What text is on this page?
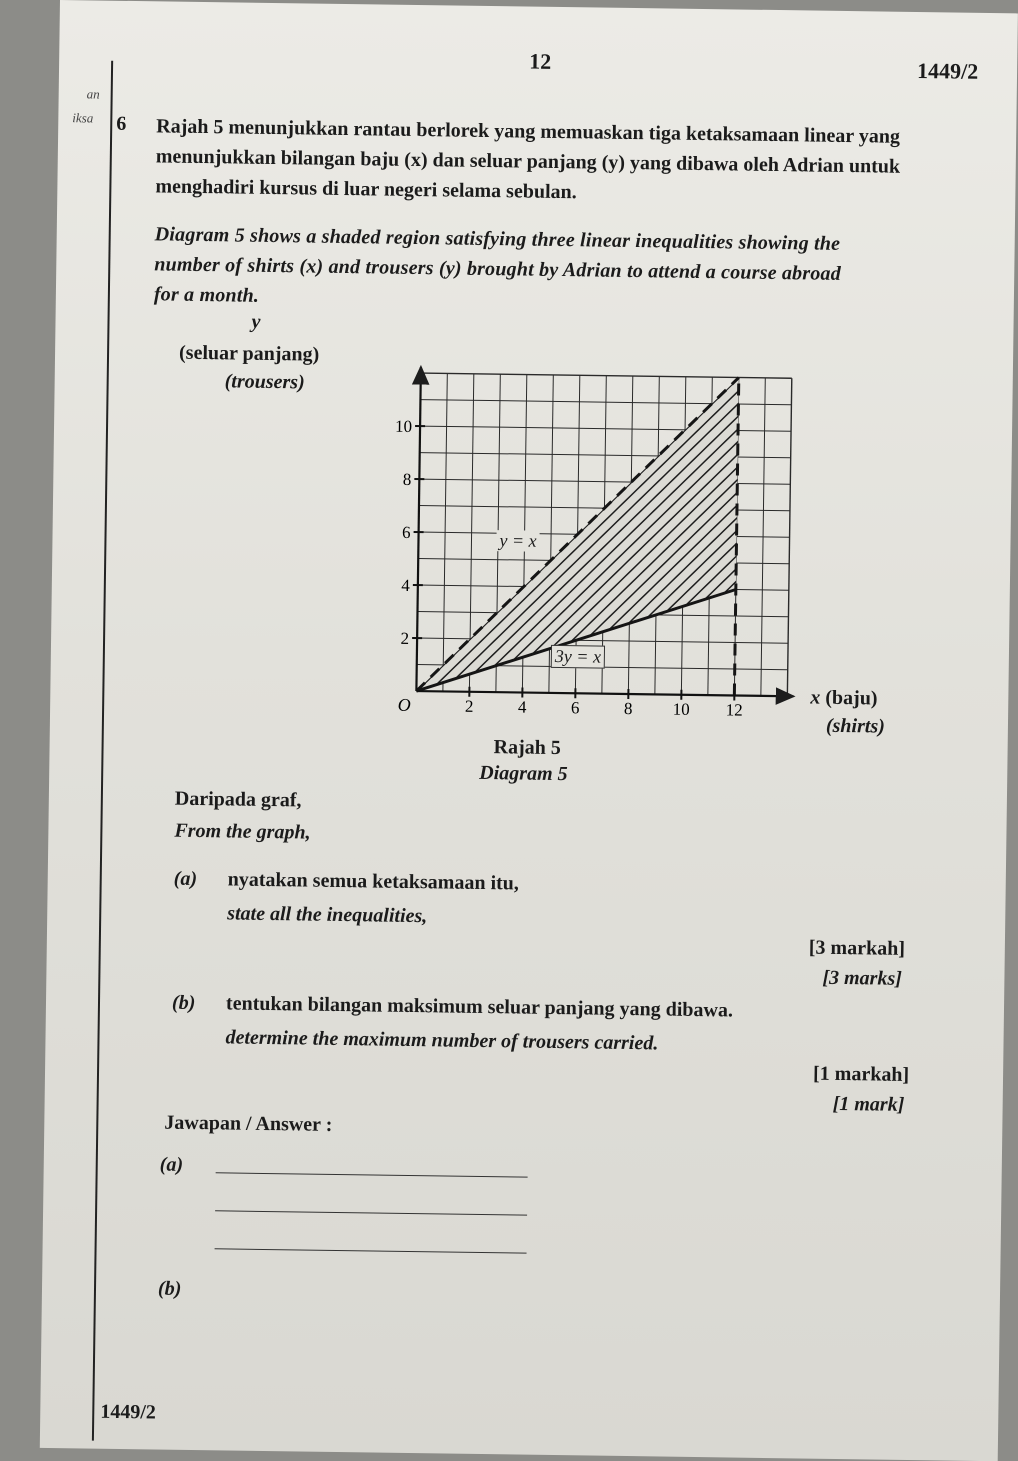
12	1449/2
an
iksa 6 Rajah 5 menunjukkan rantau berlorek yang memuaskan tiga ketaksamaan linear yang
menunjukkan bilangan baju (x) dan seluar panjang (y) yang dibawa oleh Adrian untuk
menghadiri kursus di luar negeri selama sebulan.
Diagram 5 shows a shaded region satisfying three linear inequalities showing the
number of shirts (x) and trousers (y) brought by Adrian to attend a course abroad
for a month.
y
(seluar panjang)
(trousers)
2	4	6	8 10 12
2
4
6
8
10
O
y = x
3y = x
x (baju)
(shirts)
Rajah 5
Diagram 5
Daripada graf,
From the graph,
(a) nyatakan semua ketaksamaan itu,
state all the inequalities,
[3 markah]
[3 marks]
(b) tentukan bilangan maksimum seluar panjang yang dibawa.
determine the maximum number of trousers carried.
[1 markah]
[1 mark]
Jawapan / Answer :
(a)
(b)
1449/2
